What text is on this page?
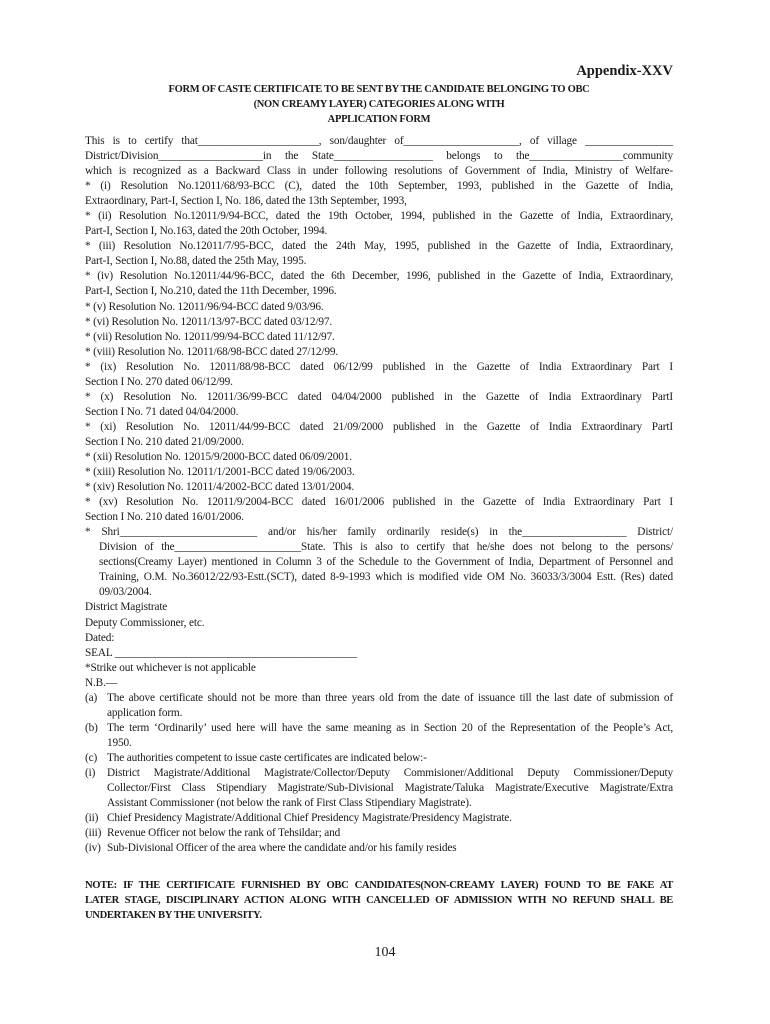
Appendix-XXV
FORM OF CASTE CERTIFICATE TO BE SENT BY THE CANDIDATE BELONGING TO OBC
(NON CREAMY LAYER) CATEGORIES ALONG WITH
APPLICATION FORM
This is to certify that______________________, son/daughter of_____________________, of village ________________
District/Division___________________in the State__________________ belongs to the_________________community
which is recognized as a Backward Class in under following resolutions of Government of India, Ministry of Welfare-
* (i) Resolution No.12011/68/93-BCC (C), dated the 10th September, 1993, published in the Gazette of India,
Extraordinary, Part-I, Section I, No. 186, dated the 13th September, 1993,
* (ii) Resolution No.12011/9/94-BCC, dated the 19th October, 1994, published in the Gazette of India, Extraordinary,
Part-I, Section I, No.163, dated the 20th October, 1994.
* (iii) Resolution No.12011/7/95-BCC, dated the 24th May, 1995, published in the Gazette of India, Extraordinary,
Part-I, Section I, No.88, dated the 25th May, 1995.
* (iv) Resolution No.12011/44/96-BCC, dated the 6th December, 1996, published in the Gazette of India, Extraordinary,
Part-I, Section I, No.210, dated the 11th December, 1996.
* (v) Resolution No. 12011/96/94-BCC dated 9/03/96.
* (vi) Resolution No. 12011/13/97-BCC dated 03/12/97.
* (vii) Resolution No. 12011/99/94-BCC dated 11/12/97.
* (viii) Resolution No. 12011/68/98-BCC dated 27/12/99.
* (ix) Resolution No. 12011/88/98-BCC dated 06/12/99 published in the Gazette of India Extraordinary Part I
Section I No. 270 dated 06/12/99.
* (x) Resolution No. 12011/36/99-BCC dated 04/04/2000 published in the Gazette of India Extraordinary PartI
Section I No. 71 dated 04/04/2000.
* (xi) Resolution No. 12011/44/99-BCC dated 21/09/2000 published in the Gazette of India Extraordinary PartI
Section I No. 210 dated 21/09/2000.
* (xii) Resolution No. 12015/9/2000-BCC dated 06/09/2001.
* (xiii) Resolution No. 12011/1/2001-BCC dated 19/06/2003.
* (xiv) Resolution No. 12011/4/2002-BCC dated 13/01/2004.
* (xv) Resolution No. 12011/9/2004-BCC dated 16/01/2006 published in the Gazette of India Extraordinary Part I
Section I No. 210 dated 16/01/2006.
* Shri_________________________ and/or his/her family ordinarily reside(s) in the___________________ District/
Division of the_______________________State. This is also to certify that he/she does not belong to the persons/
sections(Creamy Layer) mentioned in Column 3 of the Schedule to the Government of India, Department of Personnel and
Training, O.M. No.36012/22/93-Estt.(SCT), dated 8-9-1993 which is modified vide OM No. 36033/3/3004 Estt. (Res) dated
09/03/2004.
District Magistrate
Deputy Commissioner, etc.
Dated:
SEAL ____________________________________________
*Strike out whichever is not applicable
N.B.—
(a) The above certificate should not be more than three years old from the date of issuance till the last date of submission of
application form.
(b) The term ‘Ordinarily’ used here will have the same meaning as in Section 20 of the Representation of the People’s Act,
1950.
(c) The authorities competent to issue caste certificates are indicated below:-
(i)	District Magistrate/Additional Magistrate/Collector/Deputy Commisioner/Additional Deputy Commissioner/Deputy
Collector/First Class Stipendiary Magistrate/Sub-Divisional Magistrate/Taluka Magistrate/Executive Magistrate/Extra
Assistant Commissioner (not below the rank of First Class Stipendiary Magistrate).
(ii) Chief Presidency Magistrate/Additional Chief Presidency Magistrate/Presidency Magistrate.
(iii) Revenue Officer not below the rank of Tehsildar; and
(iv) Sub-Divisional Officer of the area where the candidate and/or his family resides
NOTE: IF THE CERTIFICATE FURNISHED BY OBC CANDIDATES(NON-CREAMY LAYER) FOUND TO BE FAKE AT
LATER STAGE, DISCIPLINARY ACTION ALONG WITH CANCELLED OF ADMISSION WITH NO REFUND SHALL BE
UNDERTAKEN BY THE UNIVERSITY.
104
